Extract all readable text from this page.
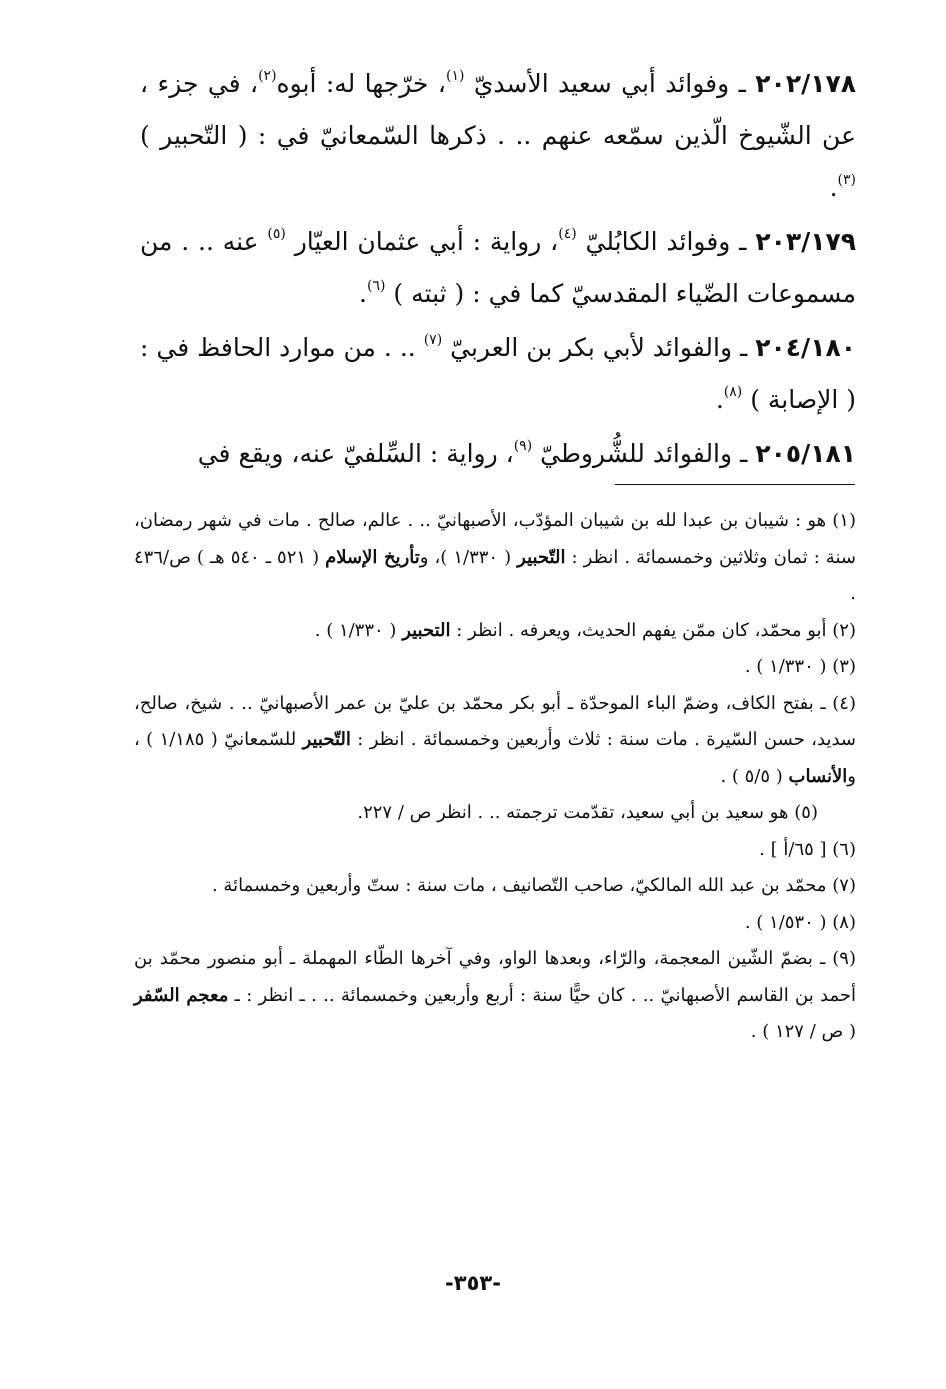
٢٠٢/١٧٨ ـ وفوائد أبي سعيد الأسديّ $^{(١)}$، خرّجها له: أبوه$^{(٢)}$، في جزء ، عن الشّيوخ الّذين سمّعه عنهم .. . ذكرها السّمعانيّ في : ( التّحبير ) $^{(٣)}$.

٢٠٣/١٧٩ ـ وفوائد الكابُليّ $^{(٤)}$، رواية : أبي عثمان العيّار $^{(٥)}$ عنه .. . من مسموعات الضّياء المقدسيّ كما في : ( ثبته ) $^{(٦)}$.

٢٠٤/١٨٠ ـ والفوائد لأبي بكر بن العربيّ $^{(٧)}$ .. . من موارد الحافظ في : ( الإصابة ) $^{(٨)}$.

٢٠٥/١٨١ ـ والفوائد للشُّروطيّ $^{(٩)}$، رواية : السِّلفيّ عنه، ويقع في

(١) هو : شيبان بن عبدا لله بن شيبان المؤدّب، الأصبهانيّ .. . عالم، صالح . مات في شهر رمضان، سنة : ثمان وثلاثين وخمسمائة . انظر : التّحبير ( ١/٣٣٠ )، وتأريخ الإسلام ( ٥٢١ ـ ٥٤٠ هـ ) ص/٤٣٦ .

(٢) أبو محمّد، كان ممّن يفهم الحديث، ويعرفه . انظر : التحبير ( ١/٣٣٠ ) .

(٣) ( ١/٣٣٠ ) .

(٤) ـ بفتح الكاف، وضمّ الباء الموحدّة ـ أبو بكر محمّد بن عليّ بن عمر الأصبهانيّ .. . شيخ، صالح، سديد، حسن السّيرة . مات سنة : ثلاث وأربعين وخمسمائة . انظر : التّحبير للسّمعانيّ ( ١/١٨٥ ) ، والأنساب ( ٥/٥ ) .

(٥) هو سعيد بن أبي سعيد، تقدّمت ترجمته .. . انظر ص / ٢٢٧.

(٦) [ ٦٥/أ ] .

(٧) محمّد بن عبد الله المالكيّ، صاحب التّصانيف ، مات سنة : ستّ وأربعين وخمسمائة .

(٨) ( ١/٥٣٠ ) .

(٩) ـ بضمّ الشّين المعجمة، والرّاء، وبعدها الواو، وفي آخرها الطّاء المهملة ـ أبو منصور محمّد بن أحمد بن القاسم الأصبهانيّ .. . كان حيًّا سنة : أربع وأربعين وخمسمائة .. . ـ انظر : ـ معجم السّفر ( ص / ١٢٧ ) .

-٣٥٣-
